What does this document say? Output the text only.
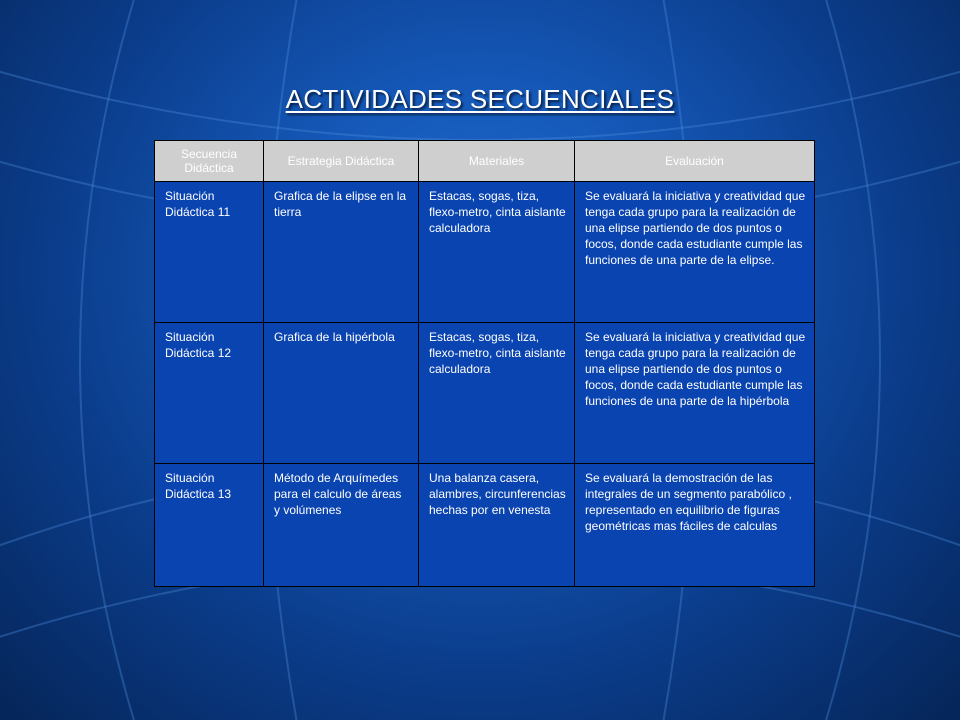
ACTIVIDADES SECUENCIALES
Secuencia Didáctica	Estrategia Didáctica	Materiales	Evaluación
Situación Didáctica 11	Grafica de la elipse en la tierra	Estacas, sogas, tiza, flexo-metro, cinta aislante calculadora	Se evaluará la iniciativa y creatividad que tenga cada grupo para la realización de una elipse partiendo de dos puntos o focos, donde cada estudiante cumple las funciones de una parte de la elipse.
Situación Didáctica 12	Grafica de la hipérbola	Estacas, sogas, tiza, flexo-metro, cinta aislante calculadora	Se evaluará la iniciativa y creatividad que tenga cada grupo para la realización de una elipse partiendo de dos puntos o focos, donde cada estudiante cumple las funciones de una parte de la hipérbola
Situación Didáctica 13	Método de Arquímedes para el calculo de áreas y volúmenes	Una balanza casera, alambres, circunferencias hechas por en venesta	Se evaluará la demostración de las integrales de un segmento parabólico , representado en equilibrio de figuras geométricas mas fáciles de calculas
